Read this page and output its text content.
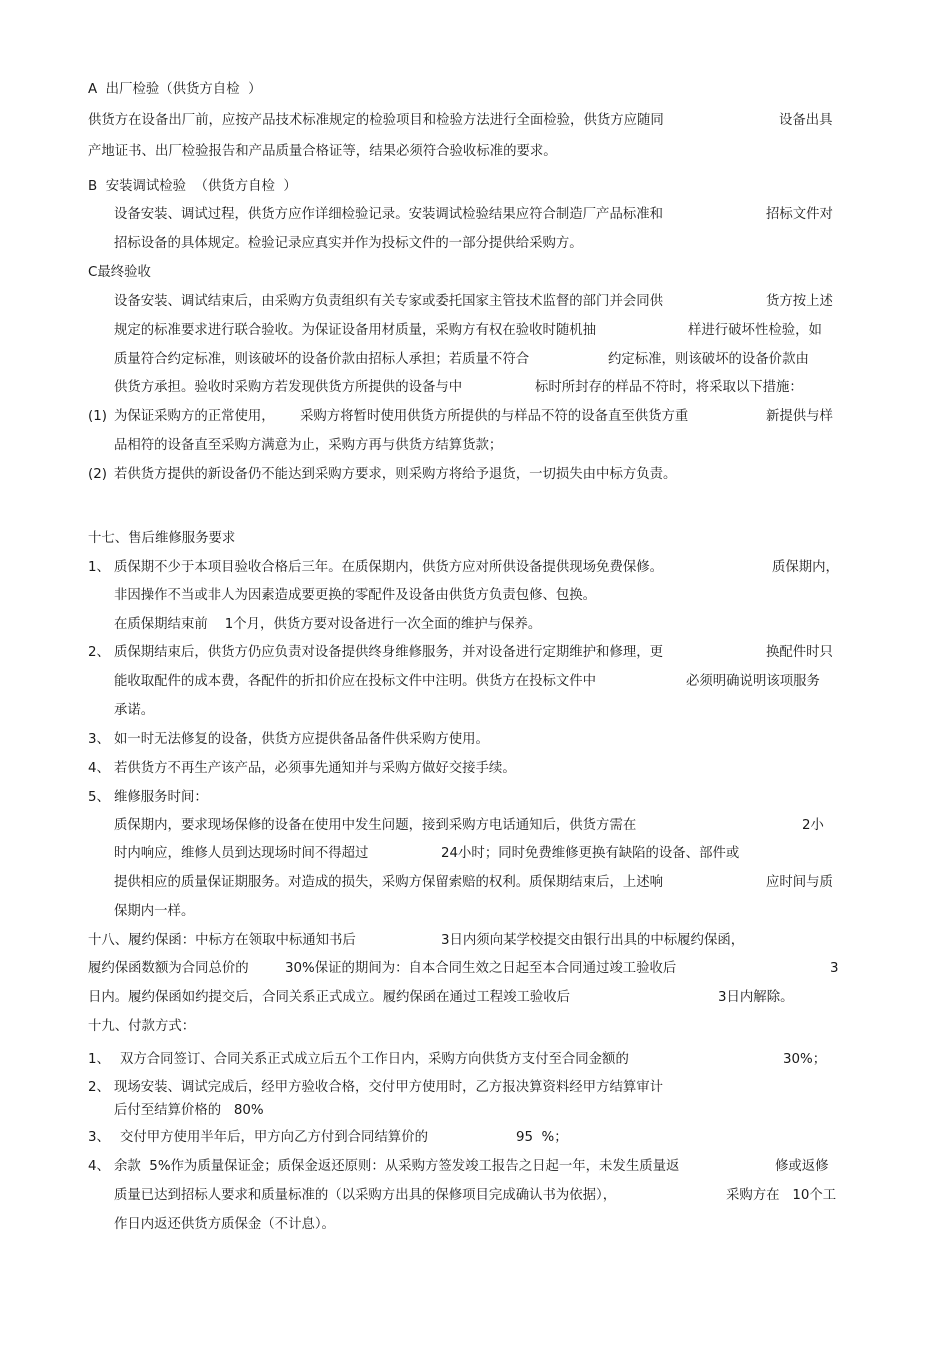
A  出厂检验（供货方自检  ）
供货方在设备出厂前，应按产品技术标准规定的检验项目和检验方法进行全面检验，供货方应随同	设备出具
产地证书、出厂检验报告和产品质量合格证等，结果必须符合验收标准的要求。
B  安装调试检验  （供货方自检  ）
设备安装、调试过程，供货方应作详细检验记录。安装调试检验结果应符合制造厂产品标准和	招标文件对
招标设备的具体规定。检验记录应真实并作为投标文件的一部分提供给采购方。
C最终验收
设备安装、调试结束后，由采购方负责组织有关专家或委托国家主管技术监督的部门并会同供	货方按上述
规定的标准要求进行联合验收。为保证设备用材质量，采购方有权在验收时随机抽	样进行破坏性检验，如
质量符合约定标准，则该破坏的设备价款由招标人承担；若质量不符合	约定标准，则该破坏的设备价款由
供货方承担。验收时采购方若发现供货方所提供的设备与中	标时所封存的样品不符时，将采取以下措施：
(1) 为保证采购方的正常使用， 采购方将暂时使用供货方所提供的与样品不符的设备直至供货方重	新提供与样
品相符的设备直至采购方满意为止，采购方再与供货方结算货款；
(2) 若供货方提供的新设备仍不能达到采购方要求，则采购方将给予退货，一切损失由中标方负责。
十七、售后维修服务要求
1、 质保期不少于本项目验收合格后三年。在质保期内，供货方应对所供设备提供现场免费保修。	质保期内，
非因操作不当或非人为因素造成要更换的零配件及设备由供货方负责包修、包换。
在质保期结束前    1个月，供货方要对设备进行一次全面的维护与保养。
2、 质保期结束后，供货方仍应负责对设备提供终身维修服务，并对设备进行定期维护和修理，更	换配件时只
能收取配件的成本费，各配件的折扣价应在投标文件中注明。供货方在投标文件中	必须明确说明该项服务
承诺。
3、 如一时无法修复的设备，供货方应提供备品备件供采购方使用。
4、 若供货方不再生产该产品，必须事先通知并与采购方做好交接手续。
5、 维修服务时间：
质保期内，要求现场保修的设备在使用中发生问题，接到采购方电话通知后，供货方需在	2小
时内响应，维修人员到达现场时间不得超过	24小时；同时免费维修更换有缺陷的设备、部件或
提供相应的质量保证期服务。对造成的损失，采购方保留索赔的权利。质保期结束后，上述响	应时间与质
保期内一样。
十八、履约保函：中标方在领取中标通知书后	3日内须向某学校提交由银行出具的中标履约保函，
履约保函数额为合同总价的	30%保证的期间为：自本合同生效之日起至本合同通过竣工验收后	3
日内。履约保函如约提交后，合同关系正式成立。履约保函在通过工程竣工验收后	3日内解除。
十九、付款方式：
1、 双方合同签订、合同关系正式成立后五个工作日内，采购方向供货方支付至合同金额的	30%；
2、 现场安装、调试完成后，经甲方验收合格，交付甲方使用时，乙方报决算资料经甲方结算审计
后付至结算价格的   80%
3、 交付甲方使用半年后，甲方向乙方付到合同结算价的	95  %；
4、 余款  5%作为质量保证金；质保金返还原则：从采购方签发竣工报告之日起一年，未发生质量返	修或返修
质量已达到招标人要求和质量标准的（以采购方出具的保修项目完成确认书为依据），	采购方在   10个工
作日内返还供货方质保金（不计息）。
